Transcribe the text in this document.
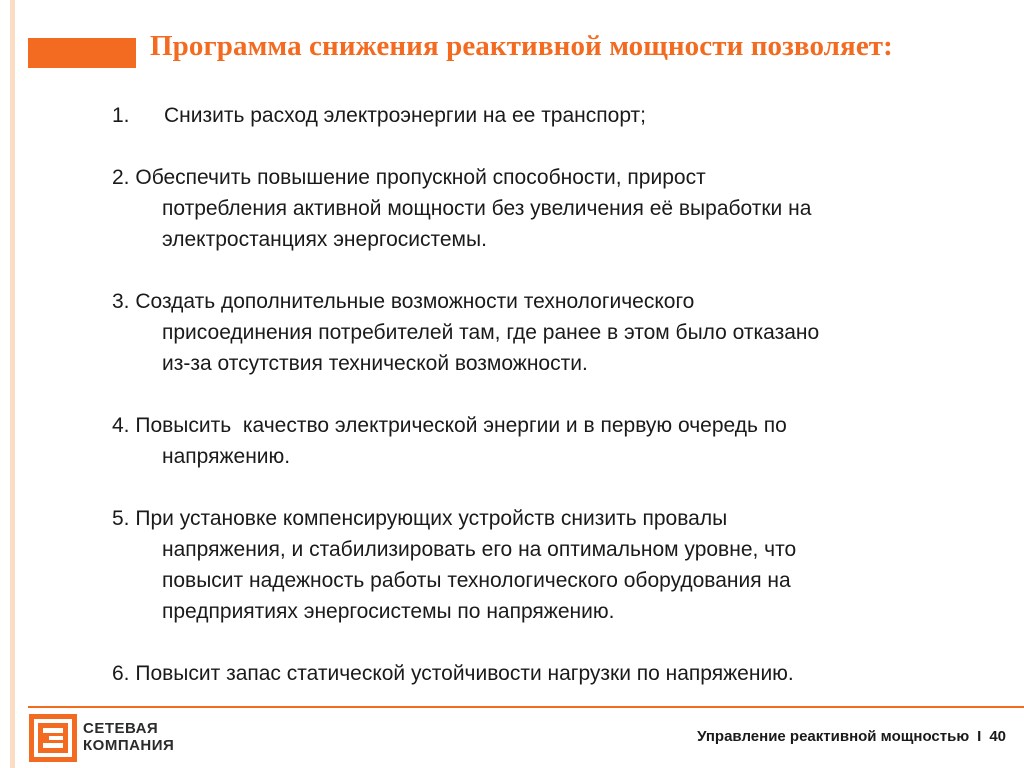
Программа снижения реактивной мощности позволяет:
1. Снизить расход электроэнергии на ее транспорт;
2. Обеспечить повышение пропускной способности, прирост
потребления активной мощности без увеличения её выработки на
электростанциях энергосистемы.
3. Создать дополнительные возможности технологического
присоединения потребителей там, где ранее в этом было отказано
из-за отсутствия технической возможности.
4. Повысить  качество электрической энергии и в первую очередь по
напряжению.
5. При установке компенсирующих устройств снизить провалы
напряжения, и стабилизировать его на оптимальном уровне, что
повысит надежность работы технологического оборудования на
предприятиях энергосистемы по напряжению.
6. Повысит запас статической устойчивости нагрузки по напряжению.
СЕТЕВАЯ
КОМПАНИЯ
Управление реактивной мощностью I 40
